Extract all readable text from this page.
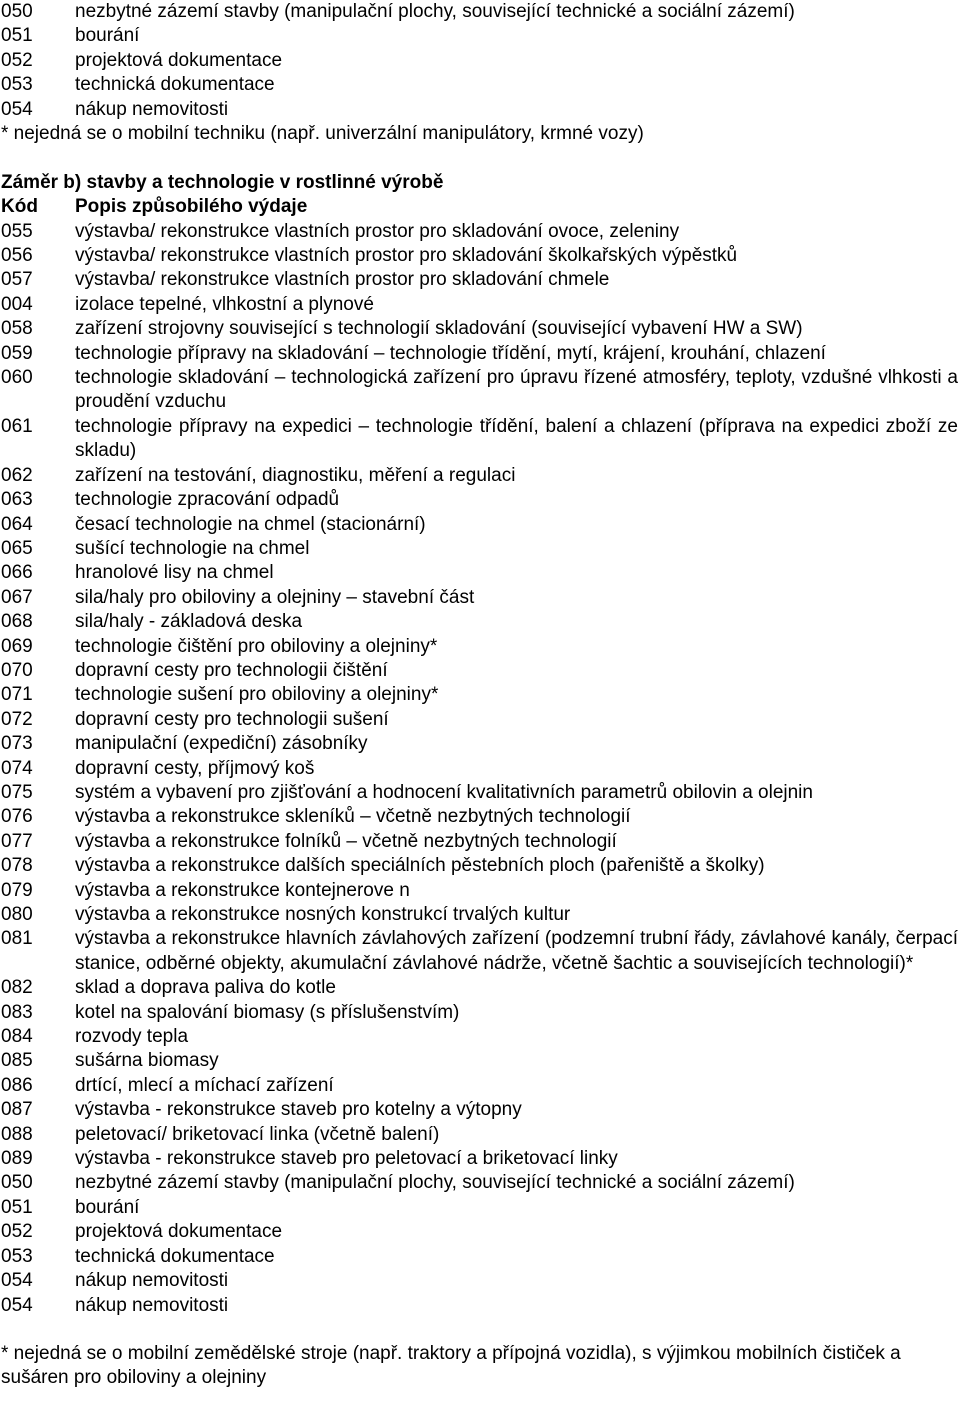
050	nezbytné zázemí stavby (manipulační plochy, související technické a sociální zázemí)
051	bourání
052	projektová dokumentace
053	technická dokumentace
054	nákup nemovitosti
* nejedná se o mobilní techniku (např. univerzální manipulátory, krmné vozy)
Záměr b) stavby a technologie v rostlinné výrobě
Kód	Popis způsobilého výdaje
055	výstavba/ rekonstrukce vlastních prostor pro skladování ovoce, zeleniny
056	výstavba/ rekonstrukce vlastních prostor pro skladování školkařských výpěstků
057	výstavba/ rekonstrukce vlastních prostor pro skladování chmele
004	izolace tepelné, vlhkostní a plynové
058	zařízení strojovny související s technologií skladování (související vybavení HW a SW)
059	technologie přípravy na skladování – technologie třídění, mytí, krájení, krouhání, chlazení
060	technologie skladování – technologická zařízení pro úpravu řízené atmosféry, teploty, vzdušné vlhkosti a proudění vzduchu
061	technologie přípravy na expedici – technologie třídění, balení a chlazení (příprava na expedici zboží ze skladu)
062	zařízení na testování, diagnostiku, měření a regulaci
063	technologie zpracování odpadů
064	česací technologie na chmel (stacionární)
065	sušící technologie na chmel
066	hranolové lisy na chmel
067	sila/haly pro obiloviny a olejniny – stavební část
068	sila/haly - základová deska
069	technologie čištění pro obiloviny a olejniny*
070	dopravní cesty pro technologii čištění
071	technologie sušení pro obiloviny a olejniny*
072	dopravní cesty pro technologii sušení
073	manipulační (expediční) zásobníky
074	dopravní cesty, příjmový koš
075	systém a vybavení pro zjišťování a hodnocení kvalitativních parametrů obilovin a olejnin
076	výstavba a rekonstrukce skleníků – včetně nezbytných technologií
077	výstavba a rekonstrukce folníků – včetně nezbytných technologií
078	výstavba a rekonstrukce dalších speciálních pěstebních ploch (pařeniště a školky)
079	výstavba a rekonstrukce kontejnerove n
080	výstavba a rekonstrukce nosných konstrukcí trvalých kultur
081	výstavba a rekonstrukce hlavních závlahových zařízení (podzemní trubní řády, závlahové kanály, čerpací stanice, odběrné objekty, akumulační závlahové nádrže, včetně šachtic a souvisejících technologií)*
082	sklad a doprava paliva do kotle
083	kotel na spalování biomasy (s příslušenstvím)
084	rozvody tepla
085	sušárna biomasy
086	drtící, mlecí a míchací zařízení
087	výstavba - rekonstrukce staveb pro kotelny a výtopny
088	peletovací/ briketovací linka (včetně balení)
089	výstavba - rekonstrukce staveb pro peletovací a briketovací linky
050	nezbytné zázemí stavby (manipulační plochy, související technické a sociální zázemí)
051	bourání
052	projektová dokumentace
053	technická dokumentace
054	nákup nemovitosti
054	nákup nemovitosti
* nejedná se o mobilní zemědělské stroje (např. traktory a přípojná vozidla), s výjimkou mobilních čističek a sušáren pro obiloviny a olejniny
